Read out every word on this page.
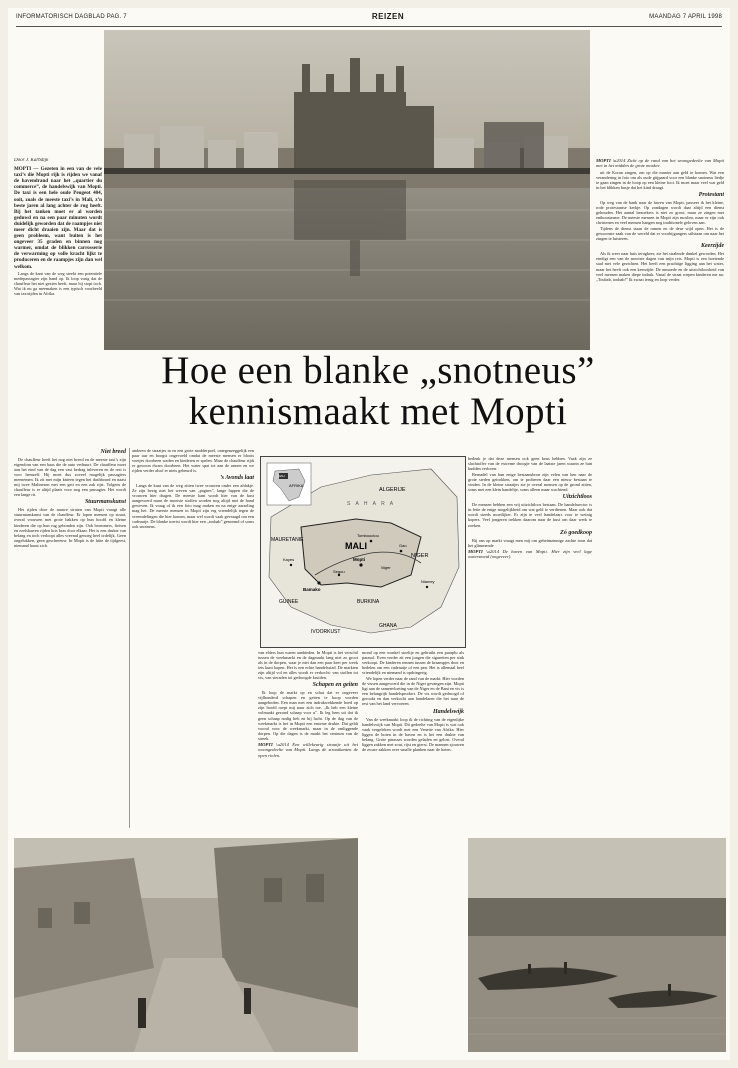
INFORMATORISCH DAGBLAD PAG. 7	REIZEN	MAANDAG 7 APRIL 1998
Door J. Karbdijk

MOPTI — Gezeten in een van de vele taxi’s die Mopti rijk is rijden we vanaf de havendrand naar het „quartier du commerce”, de handelswijk van Mopti. De taxi is een hele oude Peugeot 404, ooit, zoals de meeste taxi’s in Mali, z’n beste jaren al lang achter de rug heeft. Bij het tanken moet er al worden geduwd en na een paar minuten wordt duidelijk geworden dat de raampjes niet meer dicht draaien zijn. Maar dat is geen probleem, want buiten is het ongeveer 35 graden en binnen nog warmer, omdat de blikken carrosserie de verwarming op volle kracht lijkt te produceren en de raampjes zijn dan wel welkom.

Langs de kant van de weg steekt een potentiele medepassagier zijn hand op. Ik loop vurig dat de chauffeur het niet gezien heeft, maar hij stopt toch. Wat ik nu ga meemaken is een typisch voorbeeld van taxirijden in Afrika.

MOPTI \u2014 Zicht op de rand van het woongedeelte van Mopti met in het midden de grote moskee.

uit de Koran zingen, om op die manier aan geld te komen. Wat een verandering in foto om als oude gitjpaard voor een blanke snotneus liedje te gaan zingen in de hoop op een kleine fooi. Ik moet maar veel wat geld in het blikken busje dat het kind draagt.

Protestant

Op weg van de bank naar de haven van Mopti, passeer ik het kleine, rode protestantse kerkje. Op zondagen wordt daar altijd een dienst gehouden. Het aantal bezoekers is niet zo groot, maar ze zingen met enthousiasme. De meeste mensen in Mopti zijn moslim, maar er zijn ook christenen en veel mensen hangen nog traditionele geloven aan.

Tijdens de dienst staan de ramen en de deur wijd open. Het is de gewoonste zaak van de wereld dat er voorbijgangers stilstaan om naar het zingen te luisteren.

Keerzijde

Als ik weer naar huis terugkeer, zie het stralende dunkel geworden. Het eindigt een van de mooiste dagen van mijn reis. Mopti is een boeiende stad met vele gezichten. Het heeft een prachtige ligging aan het water, maar het heeft ook een keerzijde. De armoede en de uitzichtloosheid van veel mensen maken diepe indruk. Vanaf de straat roepen kinderen me na: „Toubab, toubab!” Ik zwaai terug en loop verder.

Hoe een blanke „snotneus”
kennismaakt met Mopti

Niet breed

De chauffeur heeft het nog niet breed en de meeste taxi’s zijn eigendom van een baas die de auto verhuurt. De chauffeur moet aan het eind van de dag een vast bedrag inleveren en de rest is voor hemzelf. Hij moet dus zoveel mogelijk passagiers meenemen. Ik zit met mijn knieen tegen het dashboard en naast mij twee Malinezen met een geit en een zak rijst. Volgens de chauffeur is er altijd plaats voor nog een passagier. Het wordt een lange rit.

Stuurmanskunst

Het rijden door de nauwe straten van Mopti vraagt alle stuurmanskunst van de chauffeur. Er lopen mensen op straat, overal vrouwen met grote bakken op hun hoofd en kleine kinderen die op hun rug gebonden zijn. Ook brommers, fietsen en ezelskarren rijden kris kras door elkaar. Het is een drukte van belang en toch verloopt alles vreemd genoeg heel ordelijk. Geen ongelukken, geen geschreeuw. In Mopti is de hitte de tijdgeest, niemand haast zich.

anderen de straatjes in en een grote modderpoel, ontegenzeggelijk een paar uur en hoogst ongevoeld omdat de meeste mensen er bloots voetjes doorheen waden en kinderen er spelen. Maar de chauffeur rijdt er gewoon dwars doorheen. Het water spat tot aan de ramen en we rijden verder alsof er niets gebeurd is.

’s Avonds laat

Langs de kant van de weg zitten twee vrouwen onder een afdakje. Ze zijn bezig met het weven van „pagnes”, lange lappen die de vrouwen hier dragen. De meeste kant wordt hier van de kust aangevoerd maar de mooiste stoffen worden nog altijd met de hand geweven. Ik vraag of ik een foto mag maken en na enige aarzeling mag het. De meeste mensen in Mopti zijn erg vriendelijk tegen de vreemdelingen die hier komen, maar wel wordt vaak gevraagd om een cadeautje. De blanke toerist wordt hier een „toubab” genoemd of soms ook snotneus.

AFRIKA
MALI
ALGERIJE
S A H A R A
MAURETANIE
MALI
NIGER
BURKINA
GUINEE
IVOORKUST
GHANA
Tombouctou
Gao
Mopti
Bamako
Segou
Kayes
Niamey
Niger

bedenk je dat deze mensen ook geen keus hebben. Vaak zijn ze slachtoffer van de extreme droogte van de laatste jaren waarin ze hun kudden verloren.

Bernadel van hun enige bestaansbron zijn velen van hen naar de grote steden getrokken, om te proberen daar een nieuw bestaan te vinden. In de kleine straatjes zie je overal mensen op de grond zitten, soms met een klein handeltje, soms alleen maar wachtend.

Uitzichtloos

De mensen hebben een vrij uitzichtloos bestaan. De handelssector is in feite de enige mogelijkheid om wat geld te verdienen. Maar ook dat wordt steeds moeilijker. Er zijn te veel handelaars voor te weinig kopers. Veel jongeren trekken daarom naar de kust om daar werk te zoeken.

Zó goedkoop

Bij ons op markt vraagt men mij om geheimzinnige zachte toon dat het glimmende

MOPTI \u2014 De haven van Mopti. Hier zijn veel lage watersmeid (ongeveer).

van elders hun waren aanbieden. In Mopti is het verschil tussen de weekmarkt en de dagmarkt lang niet zo groot als in de dorpen, waar je niet dan een paar keer per week iets kunt kopen. Het is een echte handelsstad. De markten zijn altijd vol en alles wordt er verkocht: van stoffen tot vis, van sieraden tot gedroogde kruiden.

Schapen en geiten

Ik loop de markt op en schat dat er ongeveer vijfhonderd schapen en geiten te koop worden aangeboden. Een man met een indrukwekkende hoed op zijn hoofd roept mij naar zich toe. „Ik heb een kleine volmaakt gezond schaap voor u”. Ik leg hem uit dat ik geen schaap nodig heb en hij lacht. Op de dag van de weekmarkt is het in Mopti een enorme drukte. Dat geldt vooral voor de weekmarkt, maar in de omliggende dorpen. Op die dagen is de markt het centrum van de streek.

MOPTI \u2014 Een willekeurig straatje uit het woongedeelte van Mopti. Langs de straatkanten de open riolen.

mond op een wonkel stoeltje en gebruikt een paraplu als parasol. Even verder zit een jongen die sigaretten per stuk verkoopt. De kinderen rennen tussen de kraampjes door en bedelen om een cadeautje of een pen. Het is allemaal heel vriendelijk en niemand is opdringerig.

We lopen verder naar de rand van de markt. Hier worden de vissen aangevoerd die in de Niger gevangen zijn. Mopti ligt aan de samenvloeiing van de Niger en de Bani en vis is een belangrijk handelsproduct. De vis wordt gedroogd of gerookt en dan verkocht aan handelaren die het naar de rest van het land vervoeren.

Handelswijk

Van de weekmarkt loop ik de richting van de eigenlijke handelswijk van Mopti. Dit gedeelte van Mopti is wat ook vaak vergeleken wordt met een Venetie van Afrika. Hier liggen de boten in de haven en is het een drukte van belang. Grote pinasses worden geladen en gelost. Overal liggen zakken met zout, rijst en gierst. De mannen sjouwen de zware zakken over smalle planken naar de boten.
